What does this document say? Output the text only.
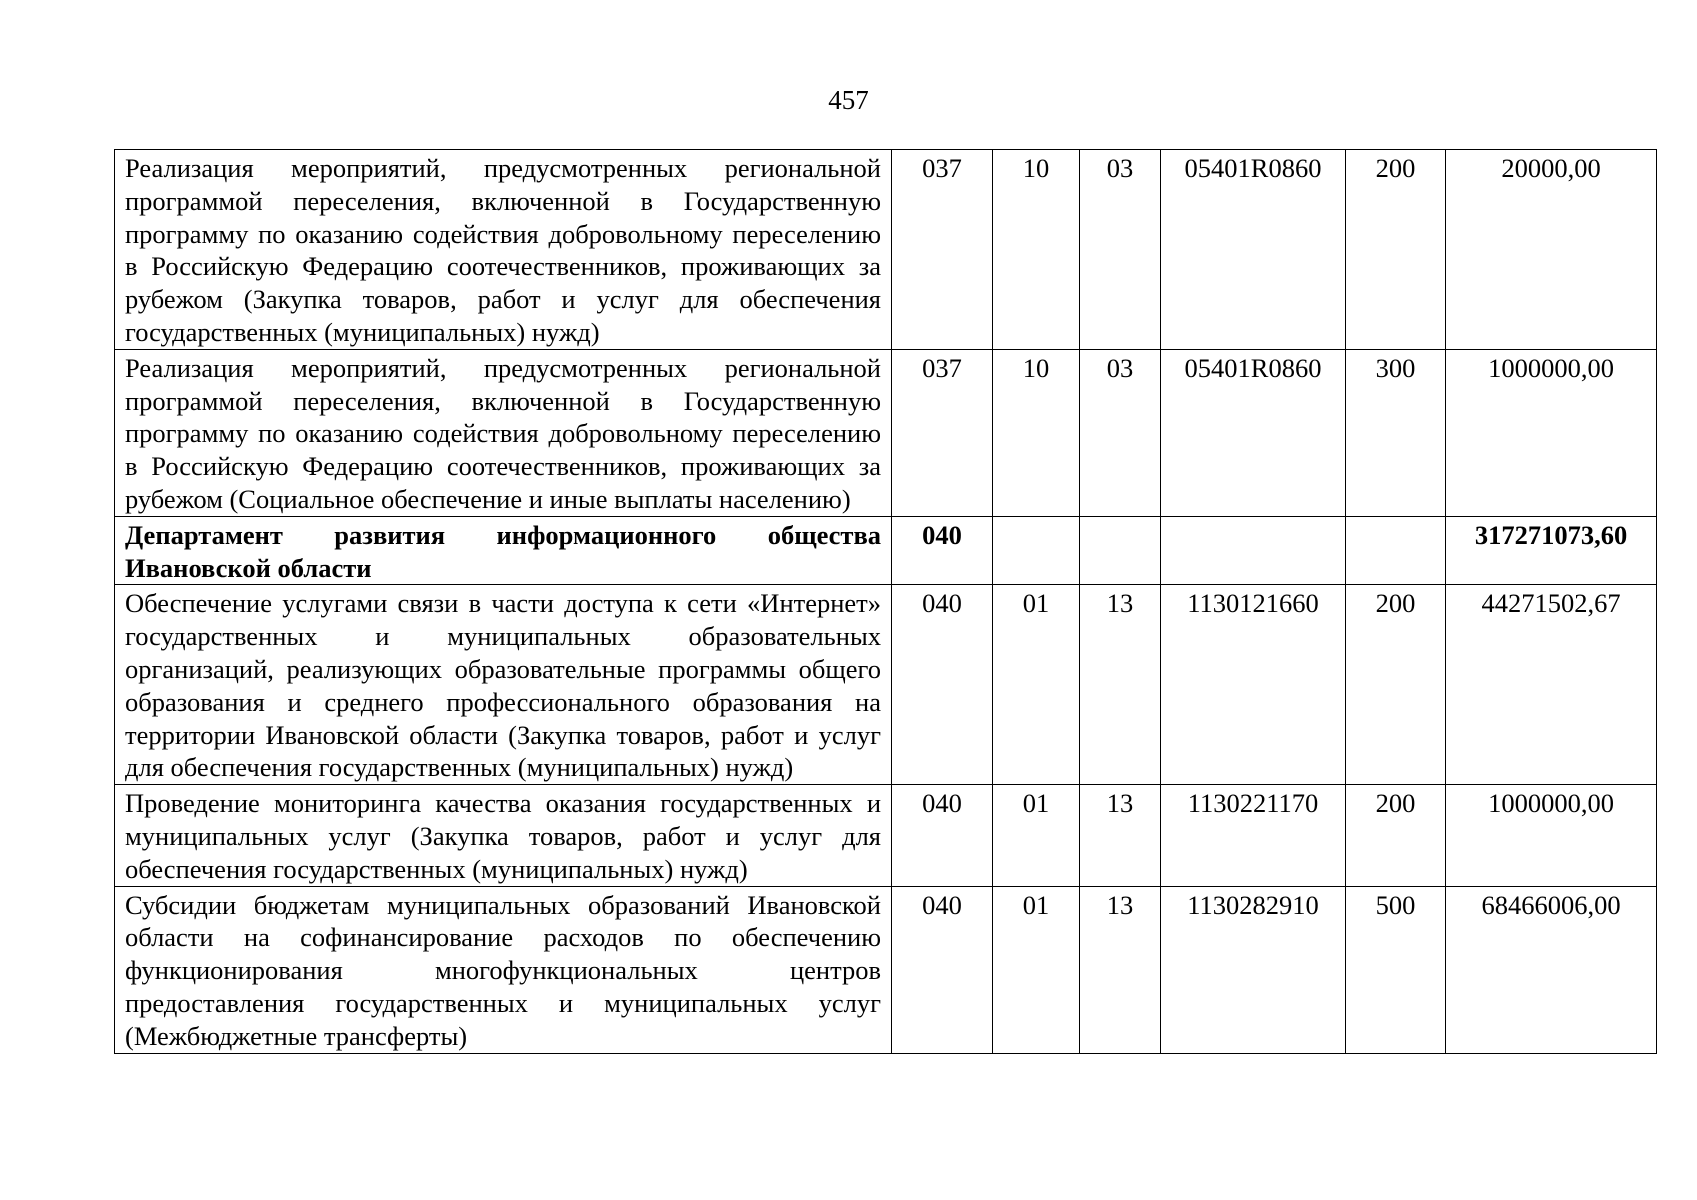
457
Реализация мероприятий, предусмотренных региональной программой переселения, включенной в Государственную программу по оказанию содействия добровольному переселению в Российскую Федерацию соотечественников, проживающих за рубежом (Закупка товаров, работ и услуг для обеспечения государственных (муниципальных) нужд)	037	10	03	05401R0860	200	20000,00
Реализация мероприятий, предусмотренных региональной программой переселения, включенной в Государственную программу по оказанию содействия добровольному переселению в Российскую Федерацию соотечественников, проживающих за рубежом (Социальное обеспечение и иные выплаты населению)	037	10	03	05401R0860	300	1000000,00
Департамент развития информационного общества Ивановской области	040					317271073,60
Обеспечение услугами связи в части доступа к сети «Интернет» государственных и муниципальных образовательных организаций, реализующих образовательные программы общего образования и среднего профессионального образования на территории Ивановской области (Закупка товаров, работ и услуг для обеспечения государственных (муниципальных) нужд)	040	01	13	1130121660	200	44271502,67
Проведение мониторинга качества оказания государственных и муниципальных услуг (Закупка товаров, работ и услуг для обеспечения государственных (муниципальных) нужд)	040	01	13	1130221170	200	1000000,00
Субсидии бюджетам муниципальных образований Ивановской области на софинансирование расходов по обеспечению функционирования многофункциональных центров предоставления государственных и муниципальных услуг (Межбюджетные трансферты)	040	01	13	1130282910	500	68466006,00
